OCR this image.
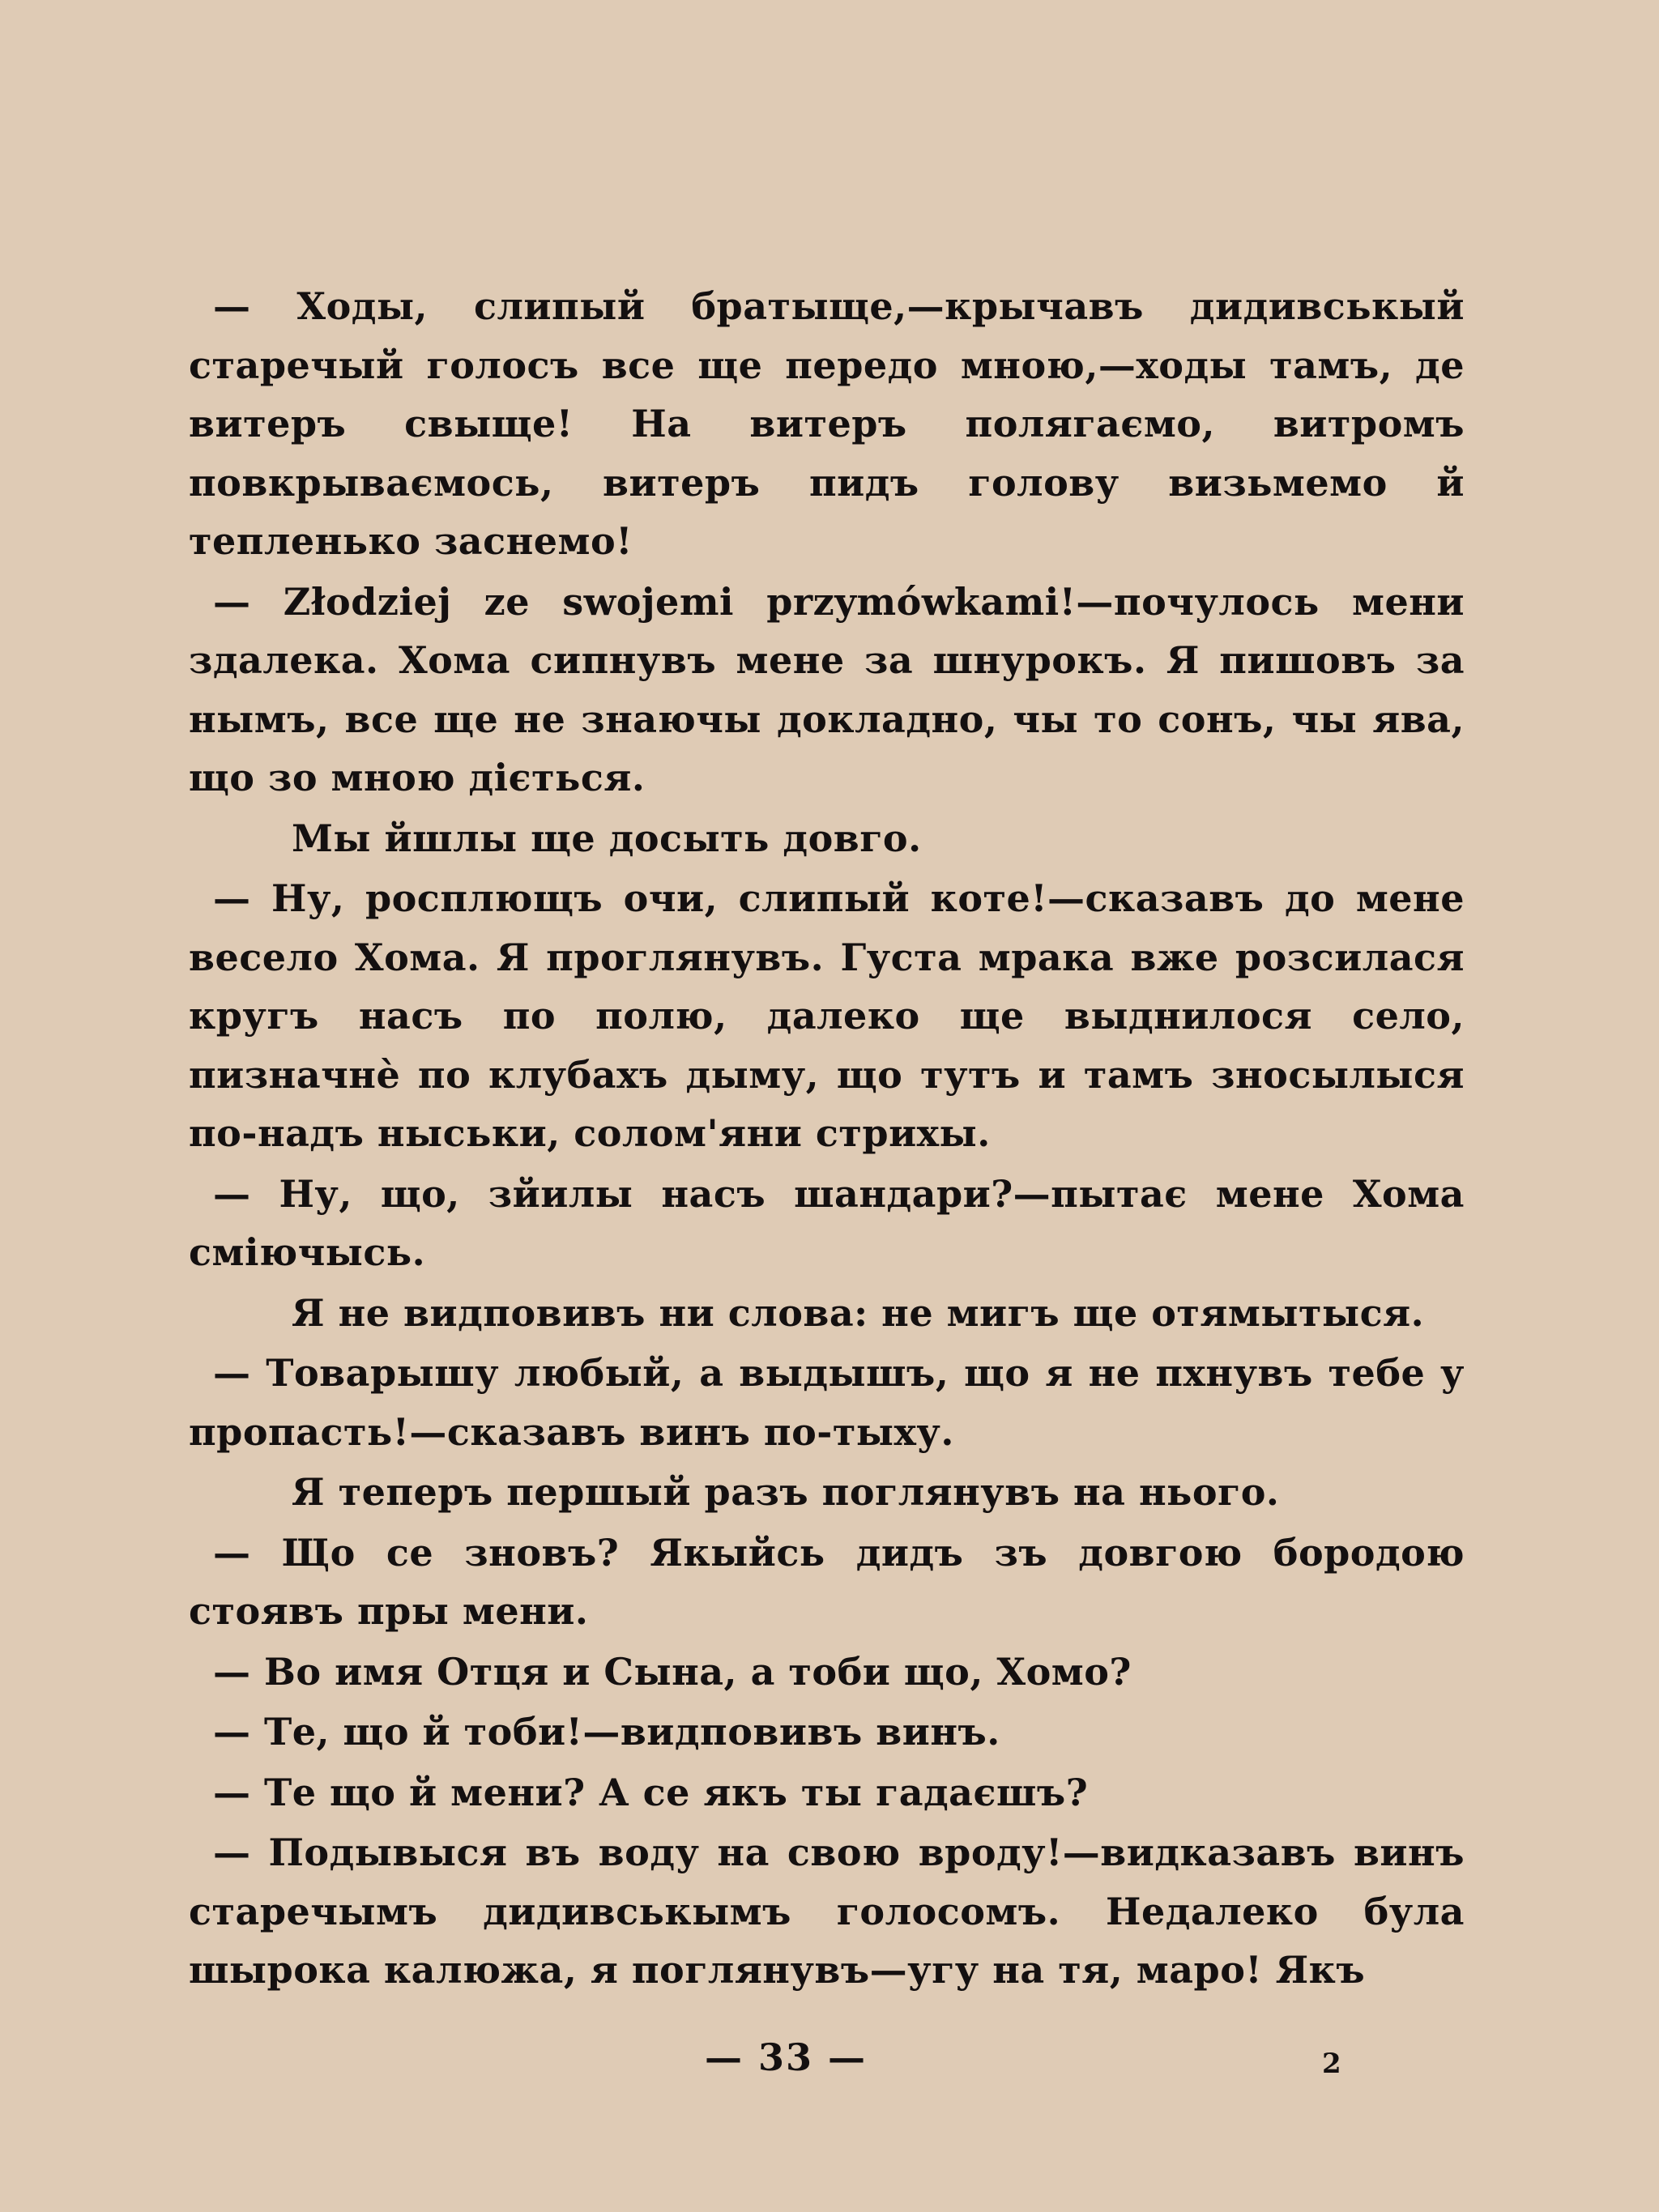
— Ходы, слипый братыще,—крычавъ дидивськый старечый голосъ все ще передо мною,—ходы тамъ, де витеръ свыще! На витеръ полягаємо, витромъ повкрываємось, витеръ пидъ голову визьмемо й тепленько заснемо!

— Złodziej ze swojemi przymówkami!—почулось мени здалека. Хома сипнувъ мене за шнурокъ. Я пишовъ за нымъ, все ще не знаючы докладно, чы то сонъ, чы ява, що зо мною дiється.

Мы йшлы ще досыть довго.

— Ну, росплющъ очи, слипый коте!—сказавъ до мене весело Хома. Я проглянувъ. Густа мрака вже розсилася кругъ насъ по полю, далеко ще выднилося село, пизначнѐ по клубахъ дыму, що тутъ и тамъ зносылыся по-надъ ныськи, солом'яни стрихы.

— Ну, що, зйилы насъ шандари?—пытає мене Хома смiючысь.

Я не видповивъ ни слова: не мигъ ще отямытыся.

— Товарышу любый, а выдышъ, що я не пхнувъ тебе у пропасть!—сказавъ винъ по-тыху.

Я теперъ першый разъ поглянувъ на нього.

— Що се зновъ? Якыйсь дидъ зъ довгою бородою стоявъ пры мени.

— Во имя Отця и Сына, а тоби що, Хомо?

— Те, що й тоби!—видповивъ винъ.

— Те що й мени? А се якъ ты гадаєшъ?

— Подывыся въ воду на свою вроду!—видказавъ винъ старечымъ дидивськымъ голосомъ. Недалеко була шырока калюжа, я поглянувъ—угу на тя, маро! Якъ

— 33 —	2
